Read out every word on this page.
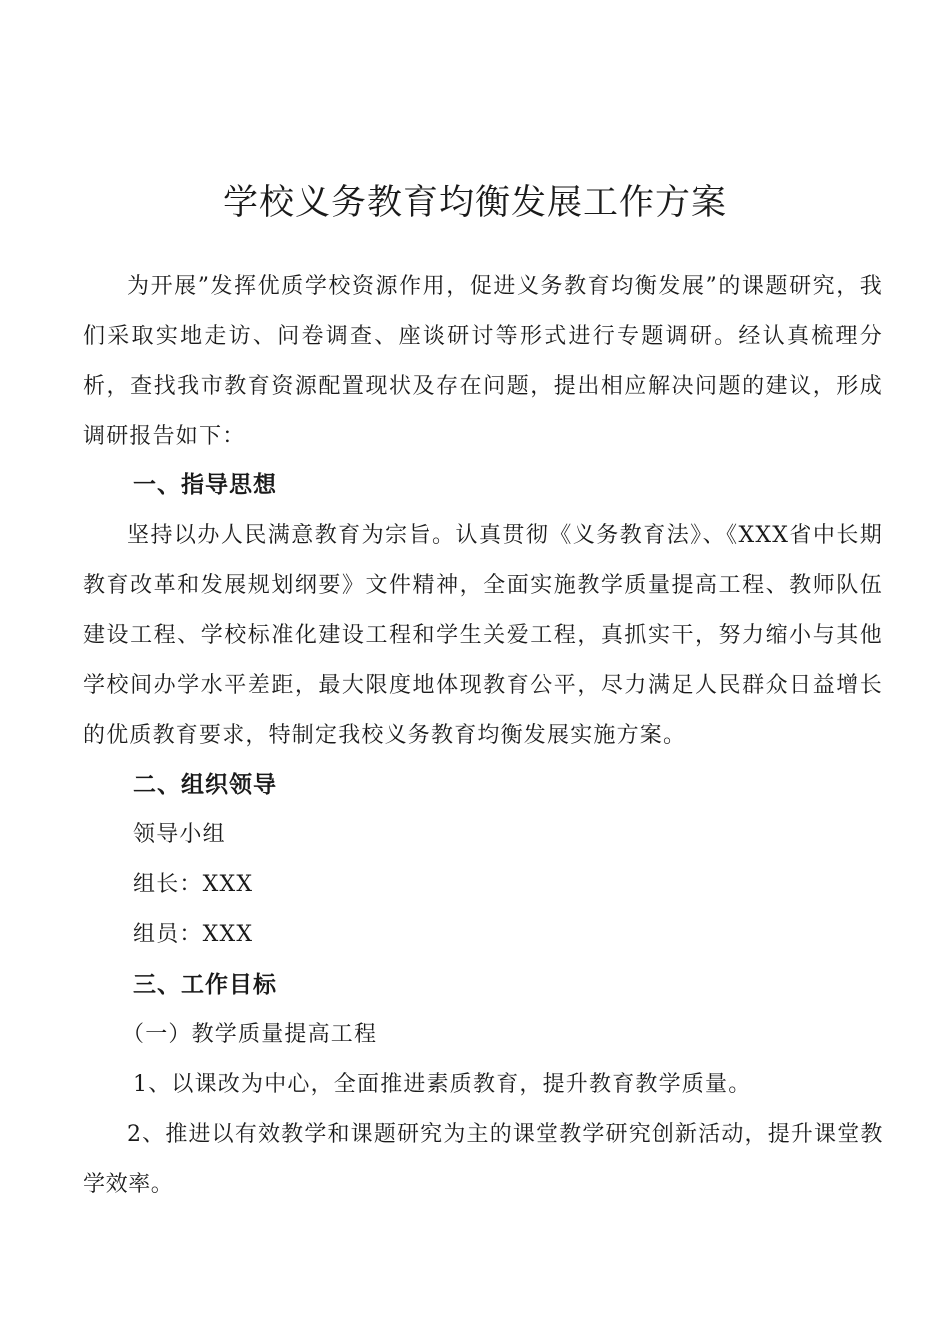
学校义务教育均衡发展工作方案

为开展”发挥优质学校资源作用，促进义务教育均衡发展”的课题研究，我们采取实地走访、问卷调查、座谈研讨等形式进行专题调研。经认真梳理分析，查找我市教育资源配置现状及存在问题，提出相应解决问题的建议，形成调研报告如下：

一、指导思想

坚持以办人民满意教育为宗旨。认真贯彻《义务教育法》、《XXX省中长期教育改革和发展规划纲要》文件精神，全面实施教学质量提高工程、教师队伍建设工程、学校标准化建设工程和学生关爱工程，真抓实干，努力缩小与其他学校间办学水平差距，最大限度地体现教育公平，尽力满足人民群众日益增长的优质教育要求，特制定我校义务教育均衡发展实施方案。

二、组织领导

领导小组

组长：XXX

组员：XXX

三、工作目标

（一）教学质量提高工程

1、以课改为中心，全面推进素质教育，提升教育教学质量。

2、推进以有效教学和课题研究为主的课堂教学研究创新活动，提升课堂教学效率。
